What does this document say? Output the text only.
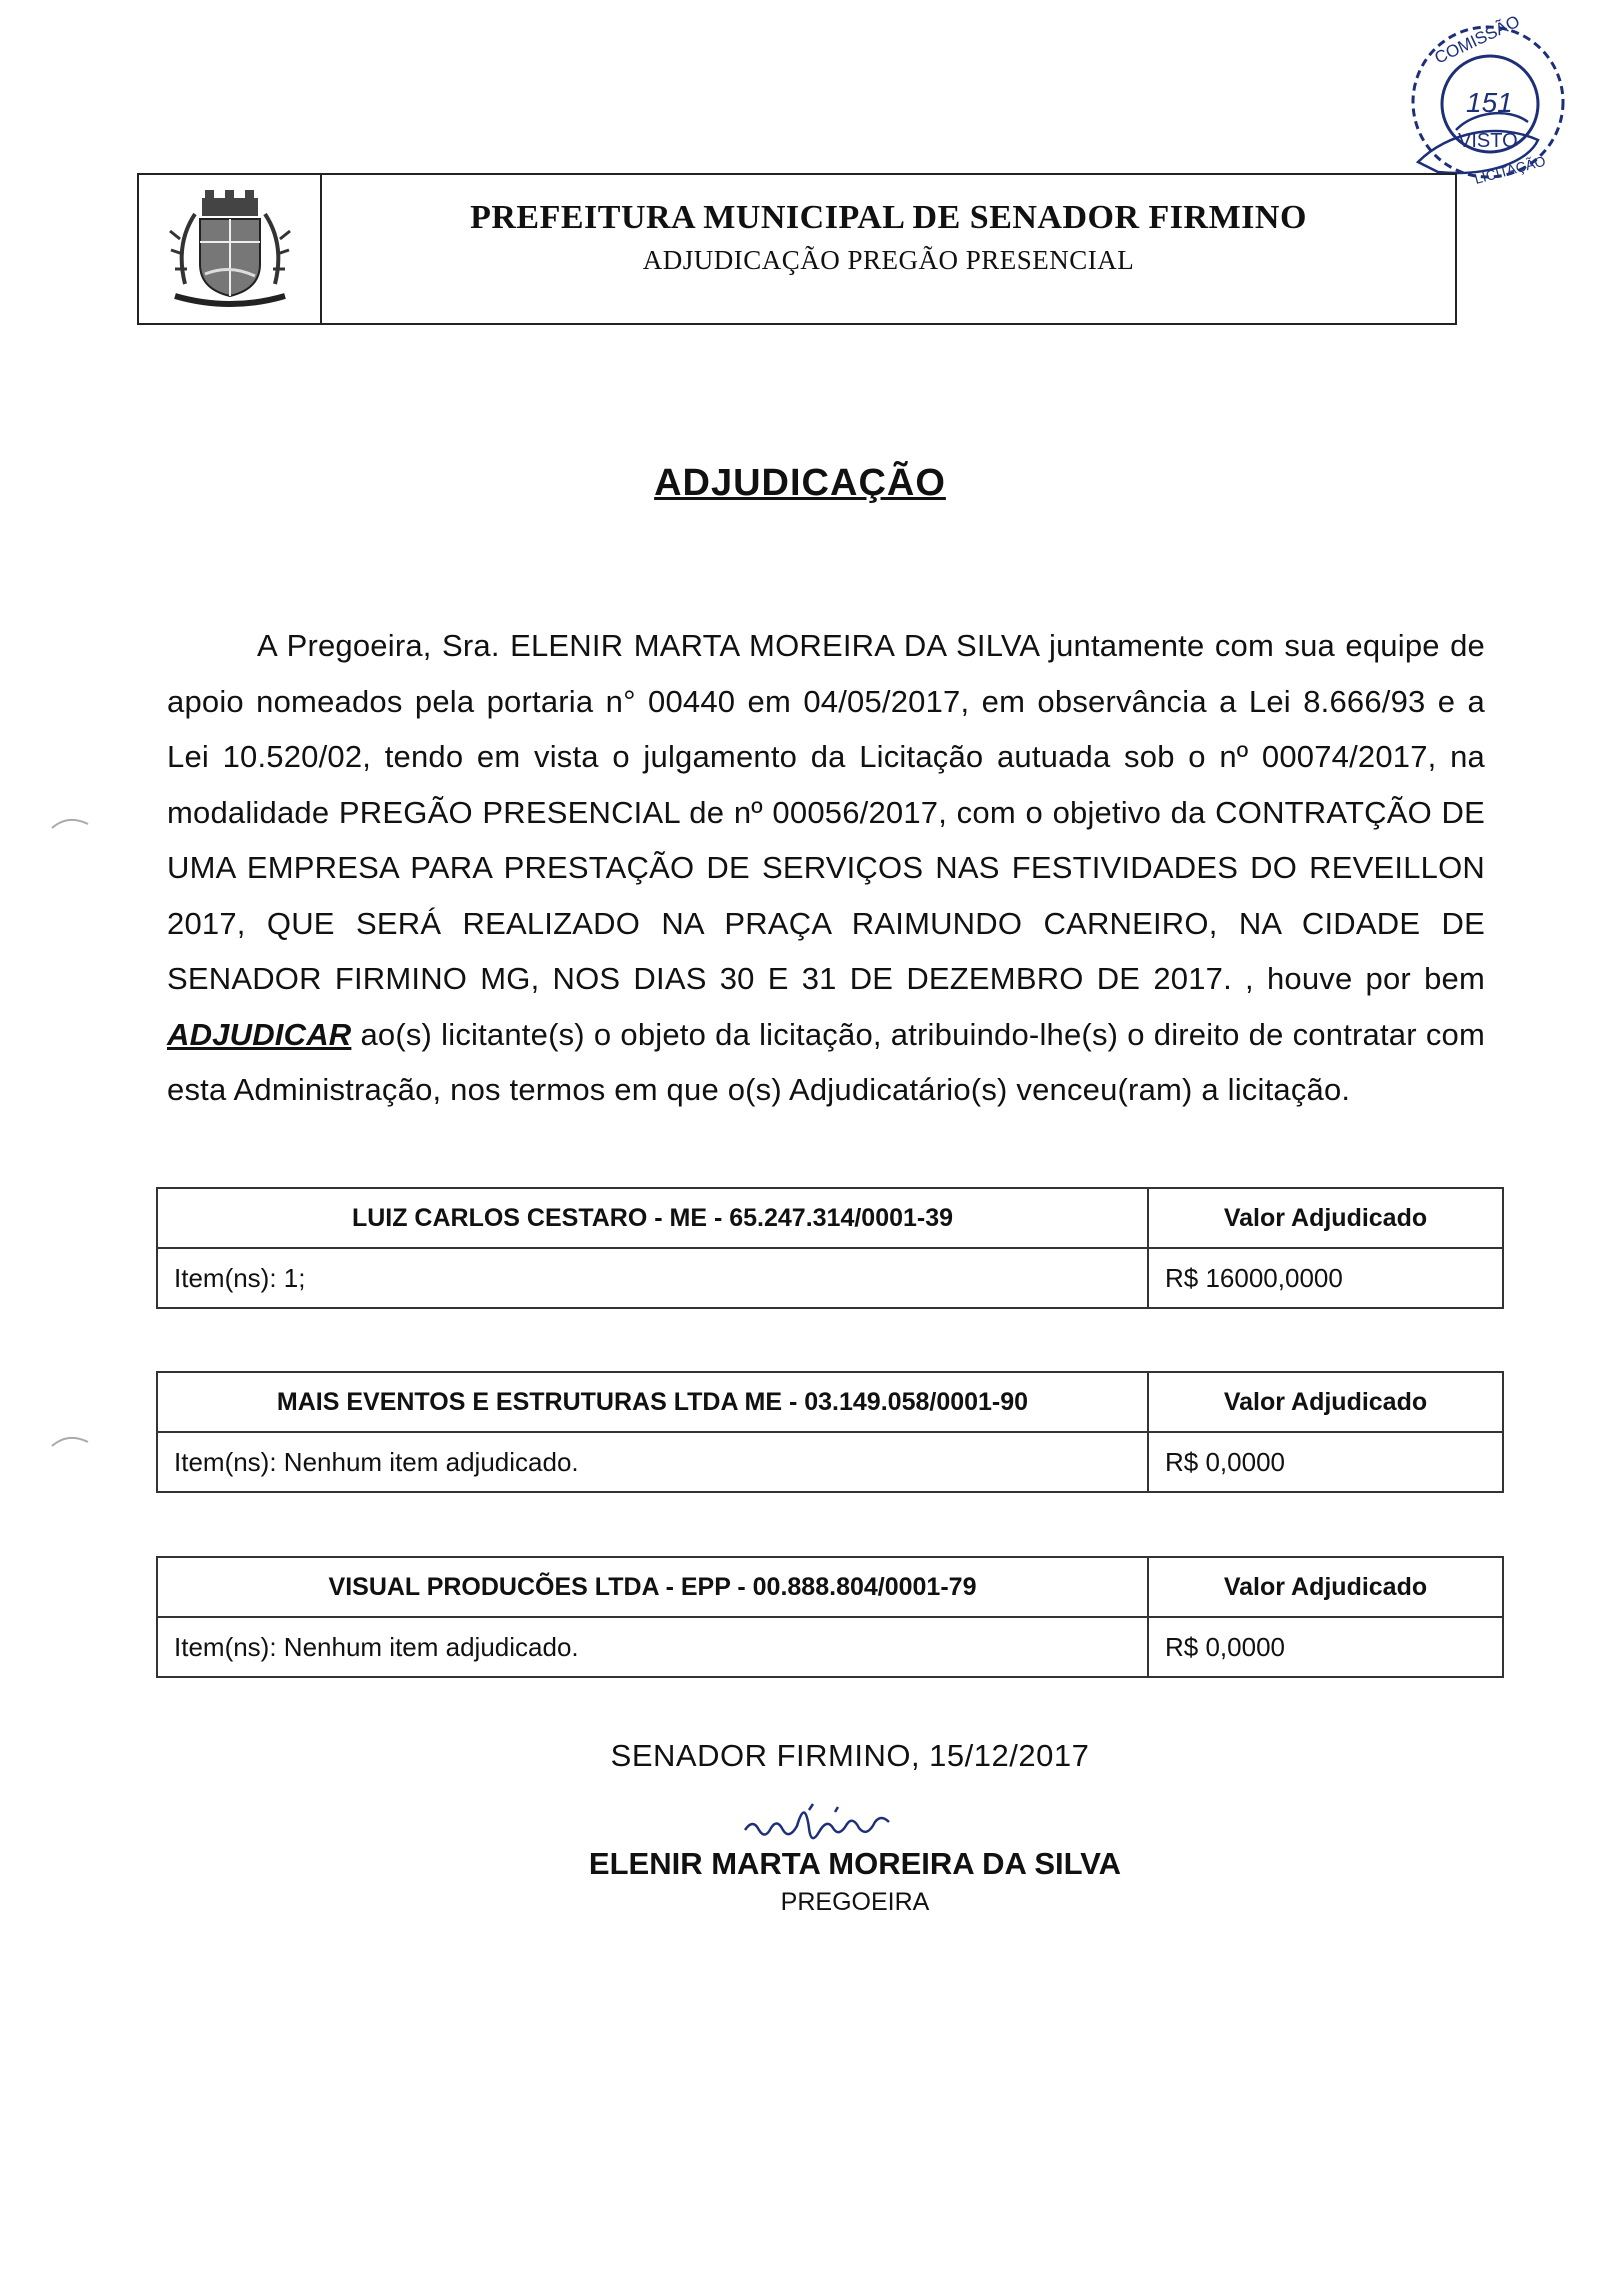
COMISSÃO
151
VISTO
LICITAÇÃO
PREFEITURA MUNICIPAL DE SENADOR FIRMINO
ADJUDICAÇÃO PREGÃO PRESENCIAL
ADJUDICAÇÃO
A Pregoeira, Sra. ELENIR MARTA MOREIRA DA SILVA juntamente com sua equipe de apoio nomeados pela portaria n° 00440 em 04/05/2017, em observância a Lei 8.666/93 e a Lei 10.520/02, tendo em vista o julgamento da Licitação autuada sob o nº 00074/2017, na modalidade PREGÃO PRESENCIAL de nº 00056/2017, com o objetivo da CONTRATÇÃO DE UMA EMPRESA PARA PRESTAÇÃO DE SERVIÇOS NAS FESTIVIDADES DO REVEILLON 2017, QUE SERÁ REALIZADO NA PRAÇA RAIMUNDO CARNEIRO, NA CIDADE DE SENADOR FIRMINO MG, NOS DIAS 30 E 31 DE DEZEMBRO DE 2017. , houve por bem ADJUDICAR ao(s) licitante(s) o objeto da licitação, atribuindo-lhe(s) o direito de contratar com esta Administração, nos termos em que o(s) Adjudicatário(s) venceu(ram) a licitação.
LUIZ CARLOS CESTARO - ME - 65.247.314/0001-39	Valor Adjudicado
Item(ns): 1;	R$ 16000,0000
MAIS EVENTOS E ESTRUTURAS LTDA ME - 03.149.058/0001-90	Valor Adjudicado
Item(ns): Nenhum item adjudicado.	R$ 0,0000
VISUAL PRODUCÕES LTDA - EPP - 00.888.804/0001-79	Valor Adjudicado
Item(ns): Nenhum item adjudicado.	R$ 0,0000
SENADOR FIRMINO, 15/12/2017
ELENIR MARTA MOREIRA DA SILVA
PREGOEIRA
